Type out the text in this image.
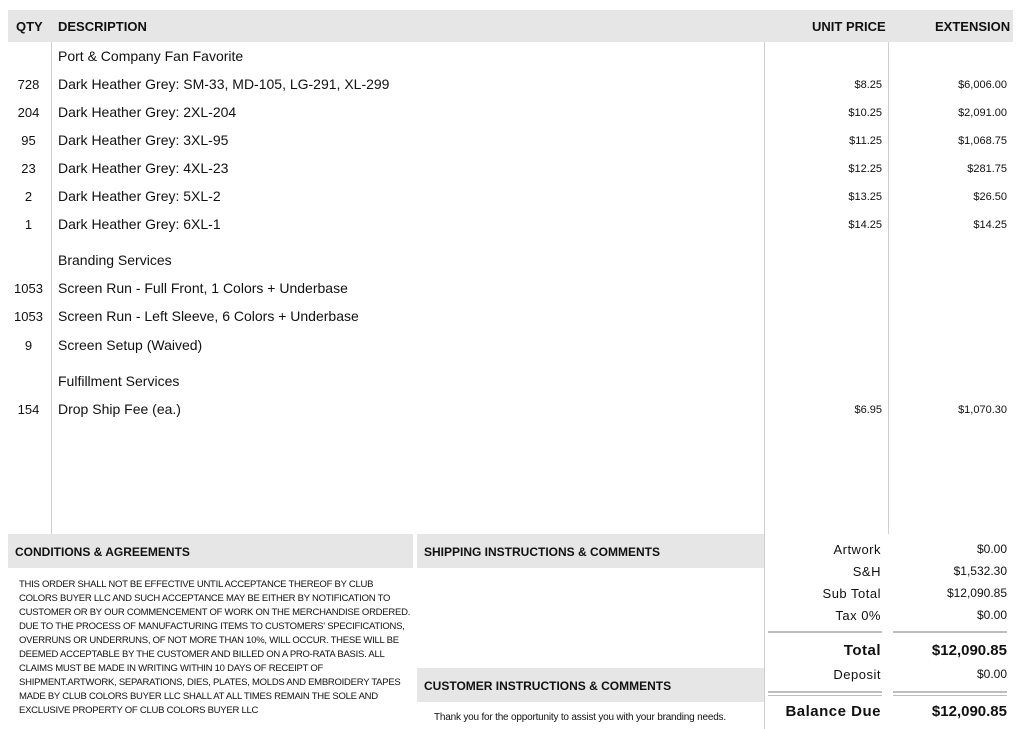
QTY DESCRIPTION	UNIT PRICE	EXTENSION
Port & Company Fan Favorite
728	Dark Heather Grey: SM-33, MD-105, LG-291, XL-299	$8.25	$6,006.00
204	Dark Heather Grey: 2XL-204	$10.25	$2,091.00
95	Dark Heather Grey: 3XL-95	$11.25	$1,068.75
23	Dark Heather Grey: 4XL-23	$12.25	$281.75
2	Dark Heather Grey: 5XL-2	$13.25	$26.50
1	Dark Heather Grey: 6XL-1	$14.25	$14.25
Branding Services
1053	Screen Run - Full Front, 1 Colors + Underbase
1053	Screen Run - Left Sleeve, 6 Colors + Underbase
9	Screen Setup (Waived)
Fulfillment Services
154	Drop Ship Fee (ea.)	$6.95	$1,070.30
CONDITIONS & AGREEMENTS
THIS ORDER SHALL NOT BE EFFECTIVE UNTIL ACCEPTANCE THEREOF BY CLUB COLORS BUYER LLC AND SUCH ACCEPTANCE MAY BE EITHER BY NOTIFICATION TO CUSTOMER OR BY OUR COMMENCEMENT OF WORK ON THE MERCHANDISE ORDERED. DUE TO THE PROCESS OF MANUFACTURING ITEMS TO CUSTOMERS' SPECIFICATIONS, OVERRUNS OR UNDERRUNS, OF NOT MORE THAN 10%, WILL OCCUR. THESE WILL BE DEEMED ACCEPTABLE BY THE CUSTOMER AND BILLED ON A PRO-RATA BASIS. ALL CLAIMS MUST BE MADE IN WRITING WITHIN 10 DAYS OF RECEIPT OF SHIPMENT.ARTWORK, SEPARATIONS, DIES, PLATES, MOLDS AND EMBROIDERY TAPES MADE BY CLUB COLORS BUYER LLC SHALL AT ALL TIMES REMAIN THE SOLE AND EXCLUSIVE PROPERTY OF CLUB COLORS BUYER LLC
SHIPPING INSTRUCTIONS & COMMENTS
CUSTOMER INSTRUCTIONS & COMMENTS
Thank you for the opportunity to assist you with your branding needs.
Artwork	$0.00
S&H	$1,532.30
Sub Total	$12,090.85
Tax 0%	$0.00
Total	$12,090.85
Deposit	$0.00
Balance Due	$12,090.85
